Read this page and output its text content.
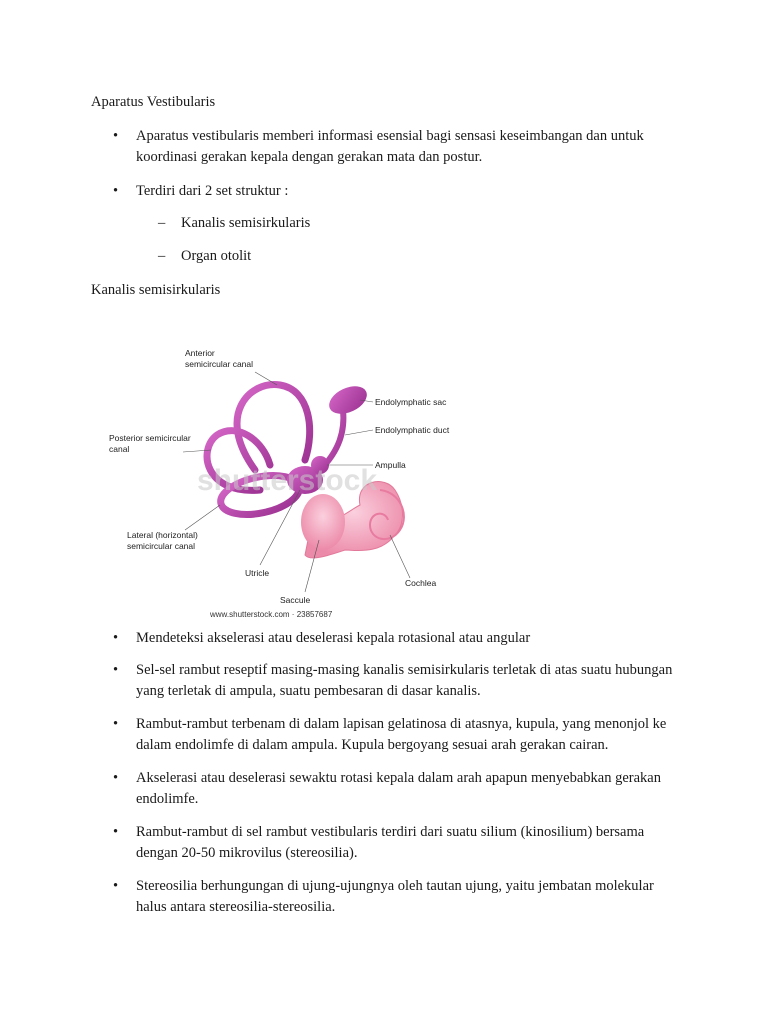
Aparatus Vestibularis
• Aparatus vestibularis memberi informasi esensial bagi sensasi keseimbangan dan untuk koordinasi gerakan kepala dengan gerakan mata dan postur.
• Terdiri dari 2 set struktur :
– Kanalis semisirkularis
– Organ otolit
Kanalis semisirkularis
shutterstock
Anterior
semicircular canal
Posterior semicircular
canal
Lateral (horizontal)
semicircular canal
Endolymphatic sac
Endolymphatic duct
Ampulla
Utricle
Saccule
Cochlea
www.shutterstock.com · 23857687
• Mendeteksi akselerasi atau deselerasi kepala rotasional atau angular
• Sel-sel rambut reseptif masing-masing kanalis semisirkularis terletak di atas suatu hubungan yang terletak di ampula, suatu pembesaran di dasar kanalis.
• Rambut-rambut terbenam di dalam lapisan gelatinosa di atasnya, kupula, yang menonjol ke dalam endolimfe di dalam ampula. Kupula bergoyang sesuai arah gerakan cairan.
• Akselerasi atau deselerasi sewaktu rotasi kepala dalam arah apapun menyebabkan gerakan endolimfe.
• Rambut-rambut di sel rambut vestibularis terdiri dari suatu silium (kinosilium) bersama dengan 20-50 mikrovilus (stereosilia).
• Stereosilia berhungungan di ujung-ujungnya oleh tautan ujung, yaitu jembatan molekular halus antara stereosilia-stereosilia.
